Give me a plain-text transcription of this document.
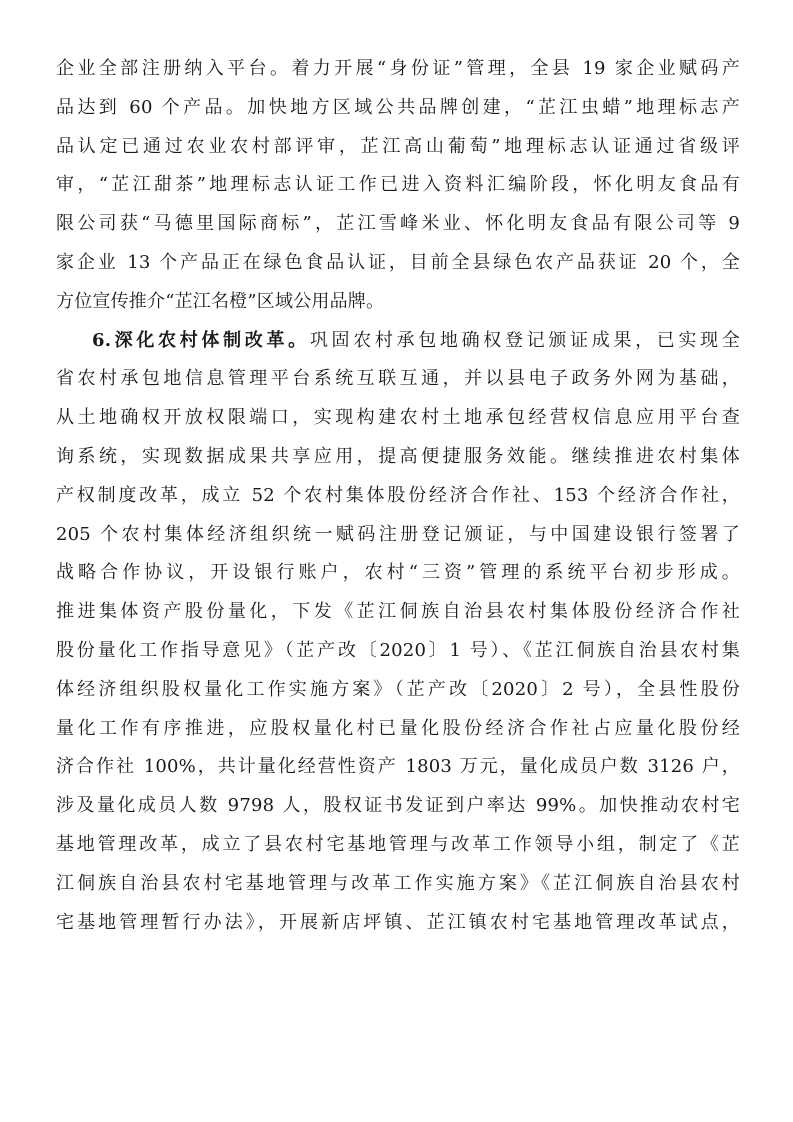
企业全部注册纳入平台。着力开展“身份证”管理，全县 19 家企业赋码产
品达到 60 个产品。加快地方区域公共品牌创建，“芷江虫蜡”地理标志产
品认定已通过农业农村部评审，芷江高山葡萄”地理标志认证通过省级评
审，“芷江甜茶”地理标志认证工作已进入资料汇编阶段，怀化明友食品有
限公司获“马德里国际商标”，芷江雪峰米业、怀化明友食品有限公司等 9
家企业 13 个产品正在绿色食品认证，目前全县绿色农产品获证 20 个，全
方位宣传推介“芷江名橙”区域公用品牌。
6.深化农村体制改革。巩固农村承包地确权登记颁证成果，已实现全
省农村承包地信息管理平台系统互联互通，并以县电子政务外网为基础，
从土地确权开放权限端口，实现构建农村土地承包经营权信息应用平台查
询系统，实现数据成果共享应用，提高便捷服务效能。继续推进农村集体
产权制度改革，成立 52 个农村集体股份经济合作社、153 个经济合作社，
205 个农村集体经济组织统一赋码注册登记颁证，与中国建设银行签署了
战略合作协议，开设银行账户，农村“三资”管理的系统平台初步形成。
推进集体资产股份量化，下发《芷江侗族自治县农村集体股份经济合作社
股份量化工作指导意见》（芷产改〔2020〕1 号）、《芷江侗族自治县农村集
体经济组织股权量化工作实施方案》（芷产改〔2020〕2 号），全县性股份
量化工作有序推进，应股权量化村已量化股份经济合作社占应量化股份经
济合作社 100%，共计量化经营性资产 1803 万元，量化成员户数 3126 户，
涉及量化成员人数 9798 人，股权证书发证到户率达 99%。加快推动农村宅
基地管理改革，成立了县农村宅基地管理与改革工作领导小组，制定了《芷
江侗族自治县农村宅基地管理与改革工作实施方案》《芷江侗族自治县农村
宅基地管理暂行办法》，开展新店坪镇、芷江镇农村宅基地管理改革试点，
